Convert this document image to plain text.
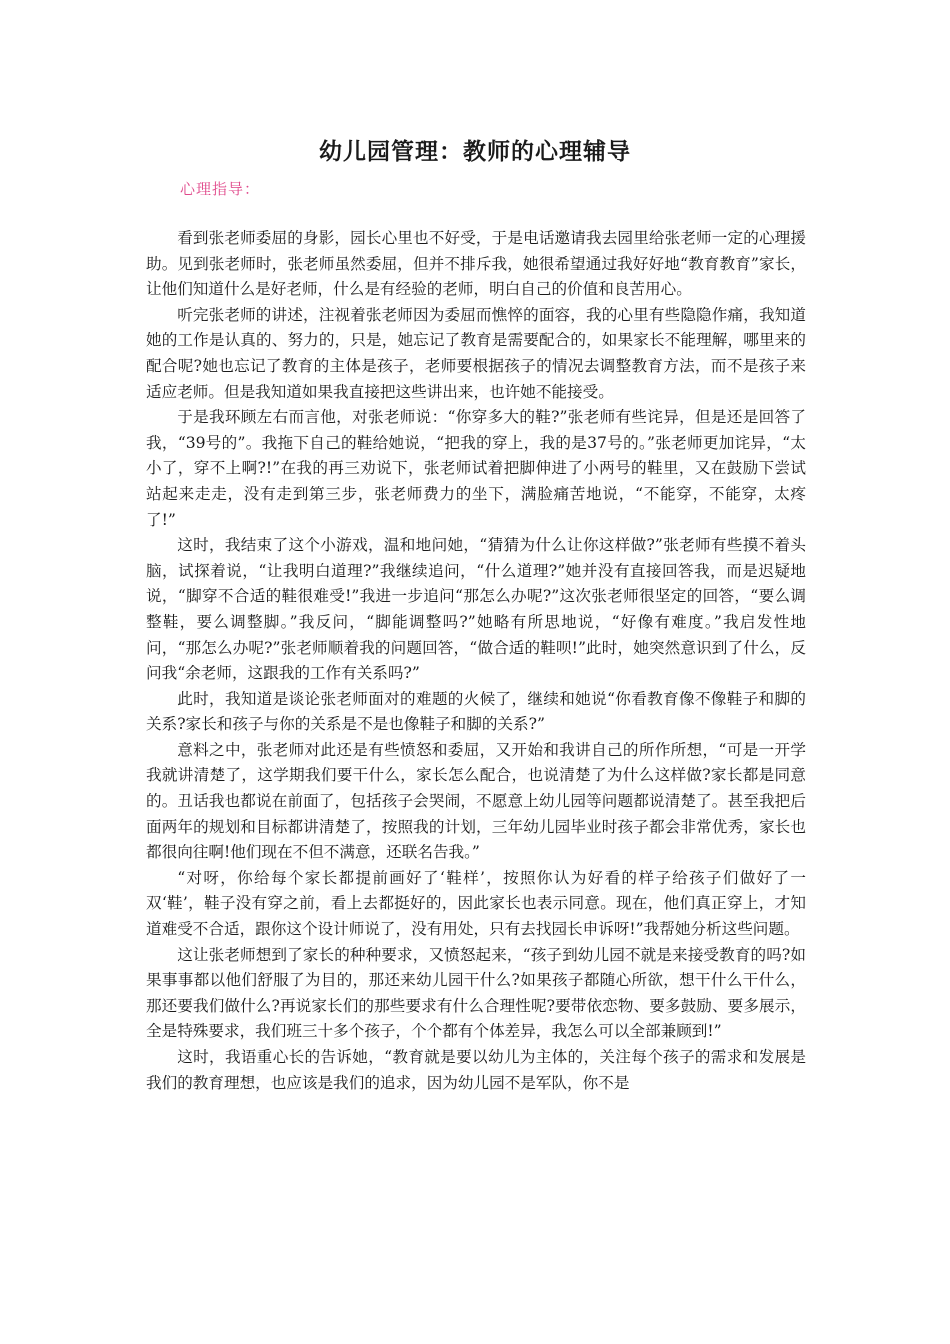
幼儿园管理：教师的心理辅导
心理指导：

看到张老师委屈的身影，园长心里也不好受，于是电话邀请我去园里给张老师一定的心理援助。见到张老师时，张老师虽然委屈，但并不排斥我，她很希望通过我好好地“教育教育”家长，让他们知道什么是好老师，什么是有经验的老师，明白自己的价值和良苦用心。

听完张老师的讲述，注视着张老师因为委屈而憔悴的面容，我的心里有些隐隐作痛，我知道她的工作是认真的、努力的，只是，她忘记了教育是需要配合的，如果家长不能理解，哪里来的配合呢?她也忘记了教育的主体是孩子，老师要根据孩子的情况去调整教育方法，而不是孩子来适应老师。但是我知道如果我直接把这些讲出来，也许她不能接受。

于是我环顾左右而言他，对张老师说：“你穿多大的鞋?”张老师有些诧异，但是还是回答了我，“39号的”。我拖下自己的鞋给她说，“把我的穿上，我的是37号的。”张老师更加诧异，“太小了，穿不上啊?!”在我的再三劝说下，张老师试着把脚伸进了小两号的鞋里，又在鼓励下尝试站起来走走，没有走到第三步，张老师费力的坐下，满脸痛苦地说，“不能穿，不能穿，太疼了!”

这时，我结束了这个小游戏，温和地问她，“猜猜为什么让你这样做?”张老师有些摸不着头脑，试探着说，“让我明白道理?”我继续追问，“什么道理?”她并没有直接回答我，而是迟疑地说，“脚穿不合适的鞋很难受!”我进一步追问“那怎么办呢?”这次张老师很坚定的回答，“要么调整鞋，要么调整脚。”我反问，“脚能调整吗?”她略有所思地说，“好像有难度。”我启发性地问，“那怎么办呢?”张老师顺着我的问题回答，“做合适的鞋呗!”此时，她突然意识到了什么，反问我“余老师，这跟我的工作有关系吗?”

此时，我知道是谈论张老师面对的难题的火候了，继续和她说“你看教育像不像鞋子和脚的关系?家长和孩子与你的关系是不是也像鞋子和脚的关系?”

意料之中，张老师对此还是有些愤怒和委屈，又开始和我讲自己的所作所想，“可是一开学我就讲清楚了，这学期我们要干什么，家长怎么配合，也说清楚了为什么这样做?家长都是同意的。丑话我也都说在前面了，包括孩子会哭闹，不愿意上幼儿园等问题都说清楚了。甚至我把后面两年的规划和目标都讲清楚了，按照我的计划，三年幼儿园毕业时孩子都会非常优秀，家长也都很向往啊!他们现在不但不满意，还联名告我。”

“对呀，你给每个家长都提前画好了‘鞋样’，按照你认为好看的样子给孩子们做好了一双‘鞋’，鞋子没有穿之前，看上去都挺好的，因此家长也表示同意。现在，他们真正穿上，才知道难受不合适，跟你这个设计师说了，没有用处，只有去找园长申诉呀!”我帮她分析这些问题。

这让张老师想到了家长的种种要求，又愤怒起来，“孩子到幼儿园不就是来接受教育的吗?如果事事都以他们舒服了为目的，那还来幼儿园干什么?如果孩子都随心所欲，想干什么干什么，那还要我们做什么?再说家长们的那些要求有什么合理性呢?要带依恋物、要多鼓励、要多展示，全是特殊要求，我们班三十多个孩子，个个都有个体差异，我怎么可以全部兼顾到!”

这时，我语重心长的告诉她，“教育就是要以幼儿为主体的，关注每个孩子的需求和发展是我们的教育理想，也应该是我们的追求，因为幼儿园不是军队，你不是
